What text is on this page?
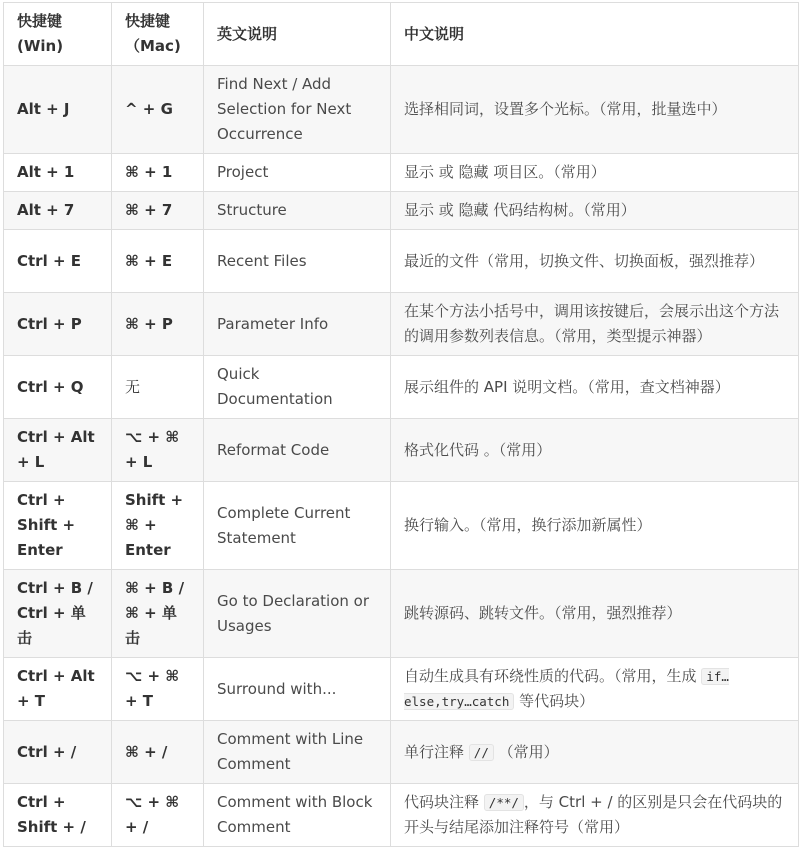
快捷键 (Win)	快捷键 （Mac)	英文说明	中文说明
Alt + J	^ + G	Find Next / Add Selection for Next Occurrence	选择相同词，设置多个光标。（常用，批量选中）
Alt + 1	⌘ + 1	Project	显示 或 隐藏 项目区。（常用）
Alt + 7	⌘ + 7	Structure	显示 或 隐藏 代码结构树。（常用）
Ctrl + E	⌘ + E	Recent Files	最近的文件（常用，切换文件、切换面板，强烈推荐）
Ctrl + P	⌘ + P	Parameter Info	在某个方法小括号中，调用该按键后，会展示出这个方法的调用参数列表信息。（常用，类型提示神器）
Ctrl + Q	无	Quick Documentation	展示组件的 API 说明文档。（常用，查文档神器）
Ctrl + Alt + L	⌥ + ⌘ + L	Reformat Code	格式化代码 。（常用）
Ctrl + Shift + Enter	Shift + ⌘ + Enter	Complete Current Statement	换行输入。（常用，换行添加新属性）
Ctrl + B / Ctrl + 单击	⌘ + B / ⌘ + 单击	Go to Declaration or Usages	跳转源码、跳转文件。（常用，强烈推荐）
Ctrl + Alt + T	⌥ + ⌘ + T	Surround with...	自动生成具有环绕性质的代码。（常用，生成 if…else,try…catch 等代码块）
Ctrl + /	⌘ + /	Comment with Line Comment	单行注释 // （常用）
Ctrl + Shift + /	⌥ + ⌘ + /	Comment with Block Comment	代码块注释 /**/ ，与 Ctrl + / 的区别是只会在代码块的开头与结尾添加注释符号（常用）
